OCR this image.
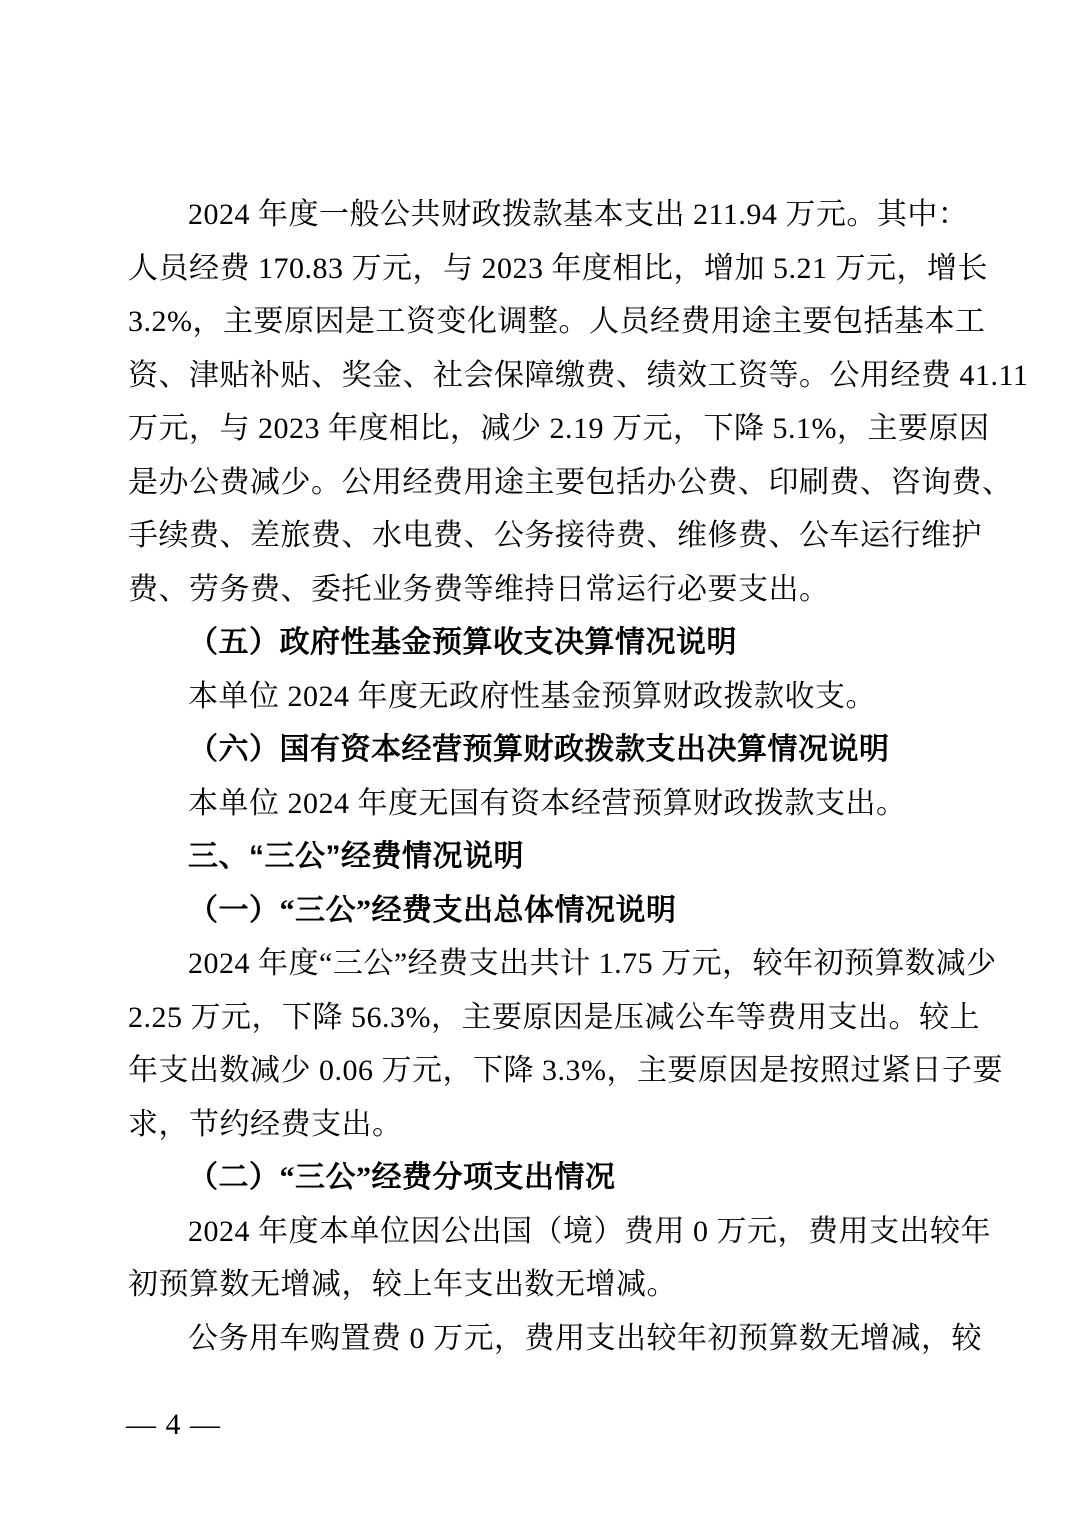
2024 年度一般公共财政拨款基本支出 211.94 万元。其中：
人员经费 170.83 万元，与 2023 年度相比，增加 5.21 万元，增长
3.2%，主要原因是工资变化调整。人员经费用途主要包括基本工
资、津贴补贴、奖金、社会保障缴费、绩效工资等。公用经费 41.11
万元，与 2023 年度相比，减少 2.19 万元，下降 5.1%，主要原因
是办公费减少。公用经费用途主要包括办公费、印刷费、咨询费、
手续费、差旅费、水电费、公务接待费、维修费、公车运行维护
费、劳务费、委托业务费等维持日常运行必要支出。
（五）政府性基金预算收支决算情况说明
本单位 2024 年度无政府性基金预算财政拨款收支。
（六）国有资本经营预算财政拨款支出决算情况说明
本单位 2024 年度无国有资本经营预算财政拨款支出。
三、“三公”经费情况说明
（一）“三公”经费支出总体情况说明
2024 年度“三公”经费支出共计 1.75 万元，较年初预算数减少
2.25 万元，下降 56.3%，主要原因是压减公车等费用支出。较上
年支出数减少 0.06 万元，下降 3.3%，主要原因是按照过紧日子要
求，节约经费支出。
（二）“三公”经费分项支出情况
2024 年度本单位因公出国（境）费用 0 万元，费用支出较年
初预算数无增减，较上年支出数无增减。
公务用车购置费 0 万元，费用支出较年初预算数无增减，较
— 4 —
